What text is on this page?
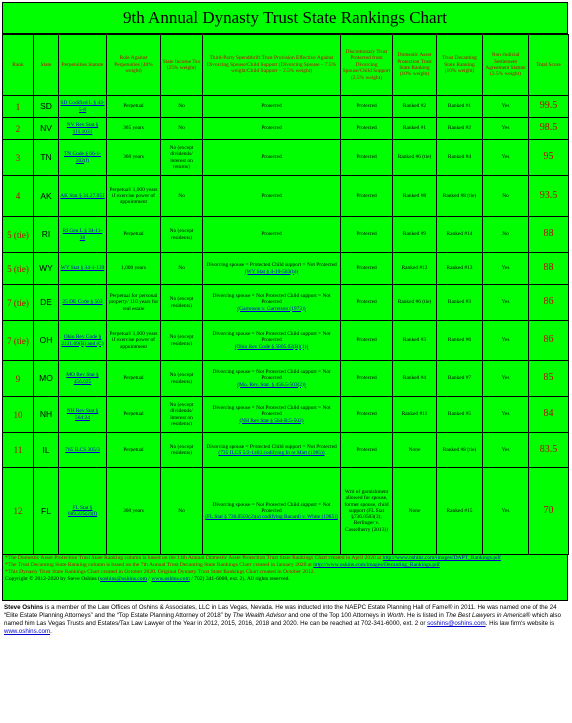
9th Annual Dynasty Trust State Rankings Chart
Rank	State	Perpetuities Statute	Rule Against Perpetuities (40% weight)	State Income Tax (25% weight)	Third-Party Spendthrift Trust Provision Effective Against Divorcing Spouse/Child Support (Divorcing Spouse – 7.5% weight/Child Support – 2.5% weight)	Discretionary Trust Protected from Divorcing Spouse/Child Support (2.5% weight)	Domestic Asset Protection Trust State Ranking (10% weight)	Trust Decanting State Ranking (10% weight)	Non-Judicial Settlement Agreement Statute (2.5% weight)	Total Score
1	SD	SD Codified L § 43-5-8	Perpetual	No	Protected	Protected	Ranked #2	Ranked #1	Yes	99.5
2	NV	NV Rev Stat § 111.1031	365 years	No	Protected	Protected	Ranked #1	Ranked #2	Yes	98.5
3	TN	TN Code § 66-1-202(f)	360 years	No (except dividends/ interest on returns)	Protected	Protected	Ranked #6 (tie)	Ranked #4	Yes	95
4	AK	AK Stat § 34.27.051	Perpetual/ 1,000 years if exercise power of appointment	No	Protected	Protected	Ranked #8	Ranked #8 (tie)	No	93.5
5 (tie)	RI	RI Gen L § 34-11-38	Perpetual	No (except residents)	Protected	Protected	Ranked #9	Ranked #14	No	88
5 (tie)	WY	WY Stat § 34-1-139	1,000 years	No	Divorcing spouse = Protected Child support = Not Protected
(WY Stat § 4-10-503(b))	Protected	Ranked #12	Ranked #13	Yes	88
7 (tie)	DE	25 DE Code § 503	Perpetual for personal property/ 110 years for real estate	No (except residents)	Divorcing spouse = Not Protected Child support = Not Protected
(Garretson v. Garretson (1973))	Protected	Ranked #6 (tie)	Ranked #3	Yes	86
7 (tie)	OH	Ohio Rev Code § 2131.09(B) and (C)	Perpetual/ 1,000 years if exercise power of appointment	No (except residents)	Divorcing spouse = Not Protected Child support = Not Protected
(Ohio Rev Code § 5805.02(B)(1))	Protected	Ranked #3	Ranked #6	Yes	86
9	MO	MO Rev Stat § 456.025	Perpetual	No (except residents)	Divorcing spouse = Not Protected Child support = Not Protected
(Mo. Rev. Stat. § 456.5-503(2))	Protected	Ranked #4	Ranked #7	Yes	85
10	NH	NH Rev Stat § 564:24	Perpetual	No (except dividends/ interest on residents)	Divorcing spouse = Not Protected Child support = Not Protected
(NH Rev Stat § 564-B:5-502)	Protected	Ranked #11	Ranked #5	Yes	84
11	IL	765 ILCS 305/3	Perpetual	No (except residents)	Divorcing spouse = Protected Child support = Not Protected
(735 ILCS 5/2-1403 codifying In re Matt (1985))	Protected	None	Ranked #8 (tie)	Yes	83.5
12	FL	FL Stat § 689.225(2)(f)	360 years	No	Divorcing spouse = Not Protected Child support = Not Protected
(FL Stat § 736.0503(2)(a) codifying Bacardi v. White (1985))	Writ of garnishment allowed for spouse, former spouse, child support (FL Stat §736.0503(3); Berlinger v. Casselberry (2013))	None	Ranked #15	Yes	70
*The Domestic Asset Protection Trust State Ranking column is based on the 11th Annual Domestic Asset Protection Trust State Rankings Chart created in April 2020 at http://www.oshins.com/images/DAPT_Rankings.pdf
*The Trust Decanting State Ranking column is based on the 7th Annual Trust Decanting State Rankings Chart created in January 2020 at http://www.oshins.com/images/Decanting_Rankings.pdf
*This Dynasty Trust State Rankings Chart created in October 2020. Original Dynasty Trust State Rankings Chart created in October 2012.
Copyright © 2012-2020 by Steve Oshins (soshins@oshins.com / www.oshins.com / 702) 341-6000, ext. 2). All rights reserved.
Steve Oshins is a member of the Law Offices of Oshins & Associates, LLC in Las Vegas, Nevada. He was inducted into the NAEPC Estate Planning Hall of Fame® in 2011. He was named one of the 24 “Elite Estate Planning Attorneys” and the “Top Estate Planning Attorney of 2018” by The Wealth Advisor and one of the Top 100 Attorneys in Worth. He is listed in The Best Lawyers in America® which also named him Las Vegas Trusts and Estates/Tax Law Lawyer of the Year in 2012, 2015, 2016, 2018 and 2020. He can be reached at 702-341-6000, ext. 2 or soshins@oshins.com. His law firm's website is www.oshins.com.
